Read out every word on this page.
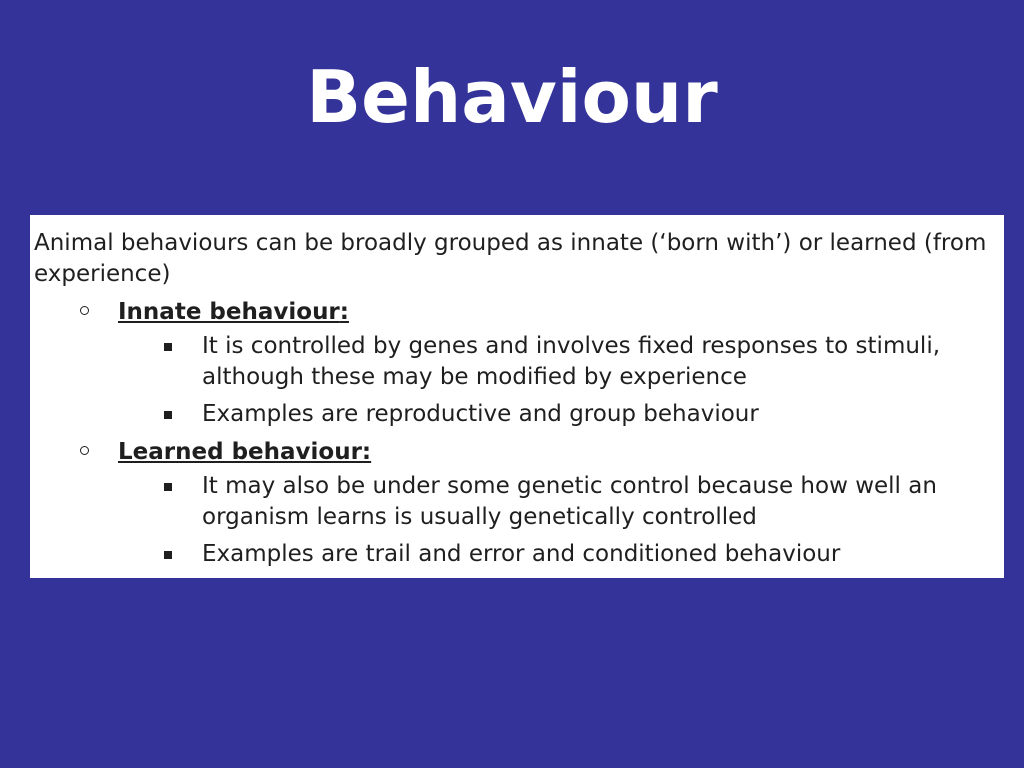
Behaviour

Animal behaviours can be broadly grouped as innate (‘born with’) or learned (from experience)

Innate behaviour:
It is controlled by genes and involves fixed responses to stimuli, although these may be modified by experience
Examples are reproductive and group behaviour
Learned behaviour:
It may also be under some genetic control because how well an organism learns is usually genetically controlled
Examples are trail and error and conditioned behaviour
